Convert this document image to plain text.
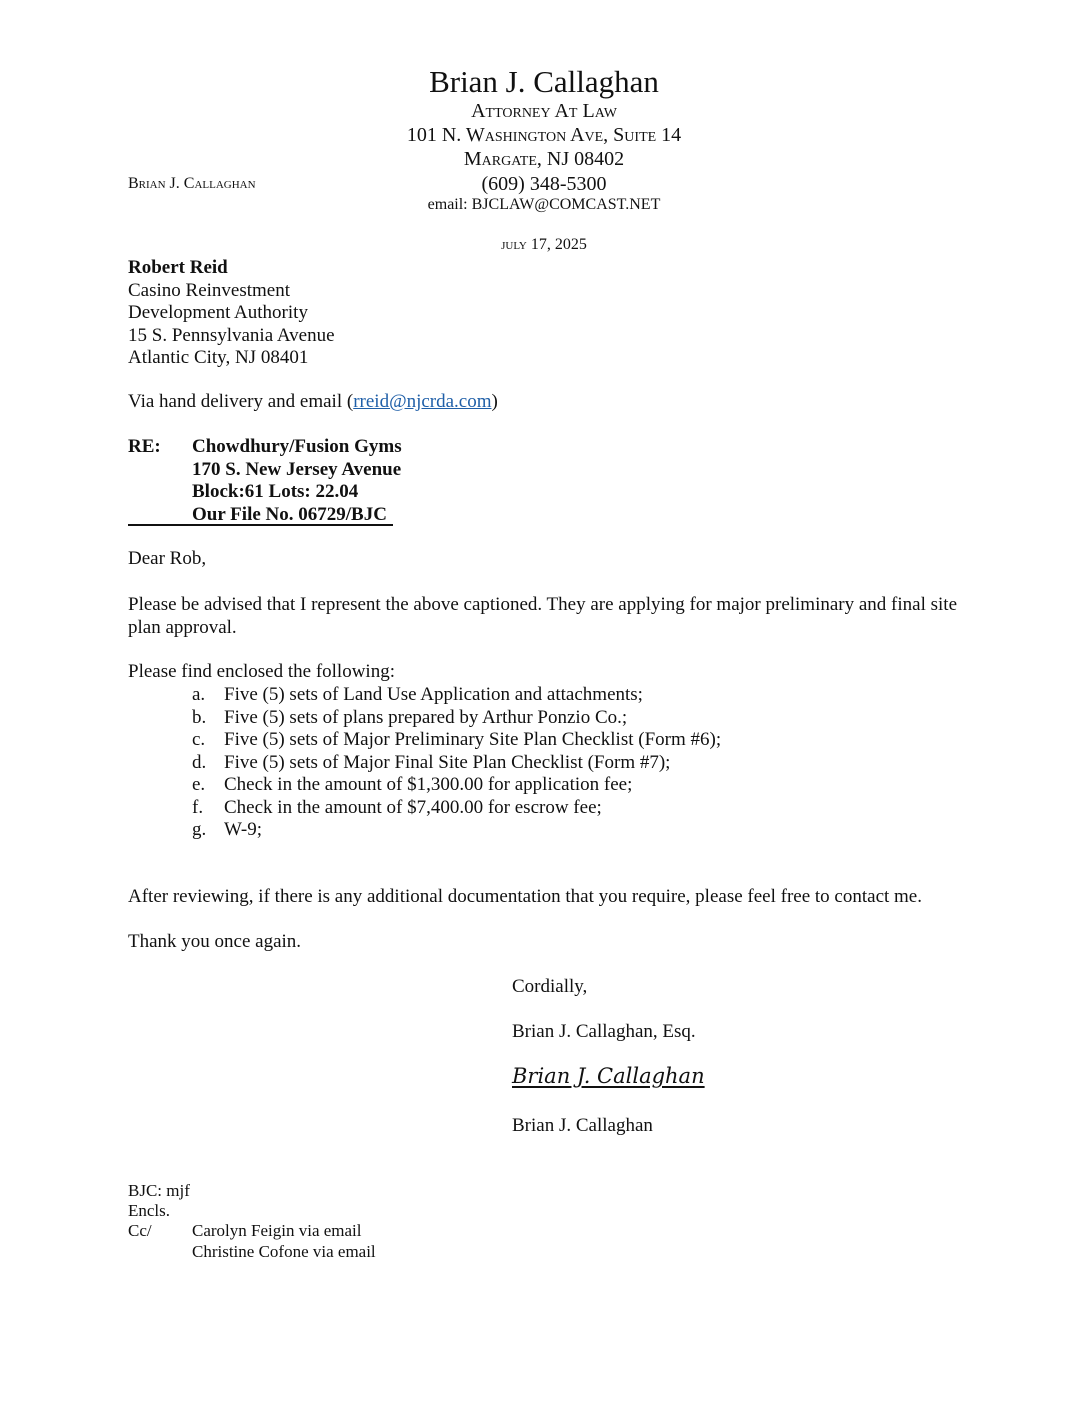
Brian J. Callaghan
Attorney At Law
101 N. Washington Ave, Suite 14
Margate, NJ 08402
Brian J. Callaghan	(609) 348-5300
email: BJCLAW@COMCAST.NET
july 17, 2025
Robert Reid
Casino Reinvestment
Development Authority
15 S. Pennsylvania Avenue
Atlantic City, NJ 08401
Via hand delivery and email (rreid@njcrda.com)
RE: Chowdhury/Fusion Gyms
170 S. New Jersey Avenue
Block:61 Lots: 22.04
Our File No. 06729/BJC
Dear Rob,
Please be advised that I represent the above captioned. They are applying for major preliminary and final site plan approval.
Please find enclosed the following:
a. Five (5) sets of Land Use Application and attachments;
b. Five (5) sets of plans prepared by Arthur Ponzio Co.;
c. Five (5) sets of Major Preliminary Site Plan Checklist (Form #6);
d. Five (5) sets of Major Final Site Plan Checklist (Form #7);
e. Check in the amount of $1,300.00 for application fee;
f.	Check in the amount of $7,400.00 for escrow fee;
g. W-9;
After reviewing, if there is any additional documentation that you require, please feel free to contact me.
Thank you once again.
Cordially,
Brian J. Callaghan, Esq.
Brian J. Callaghan
Brian J. Callaghan
BJC: mjf
Encls.
Cc/ Carolyn Feigin via email
Christine Cofone via email
